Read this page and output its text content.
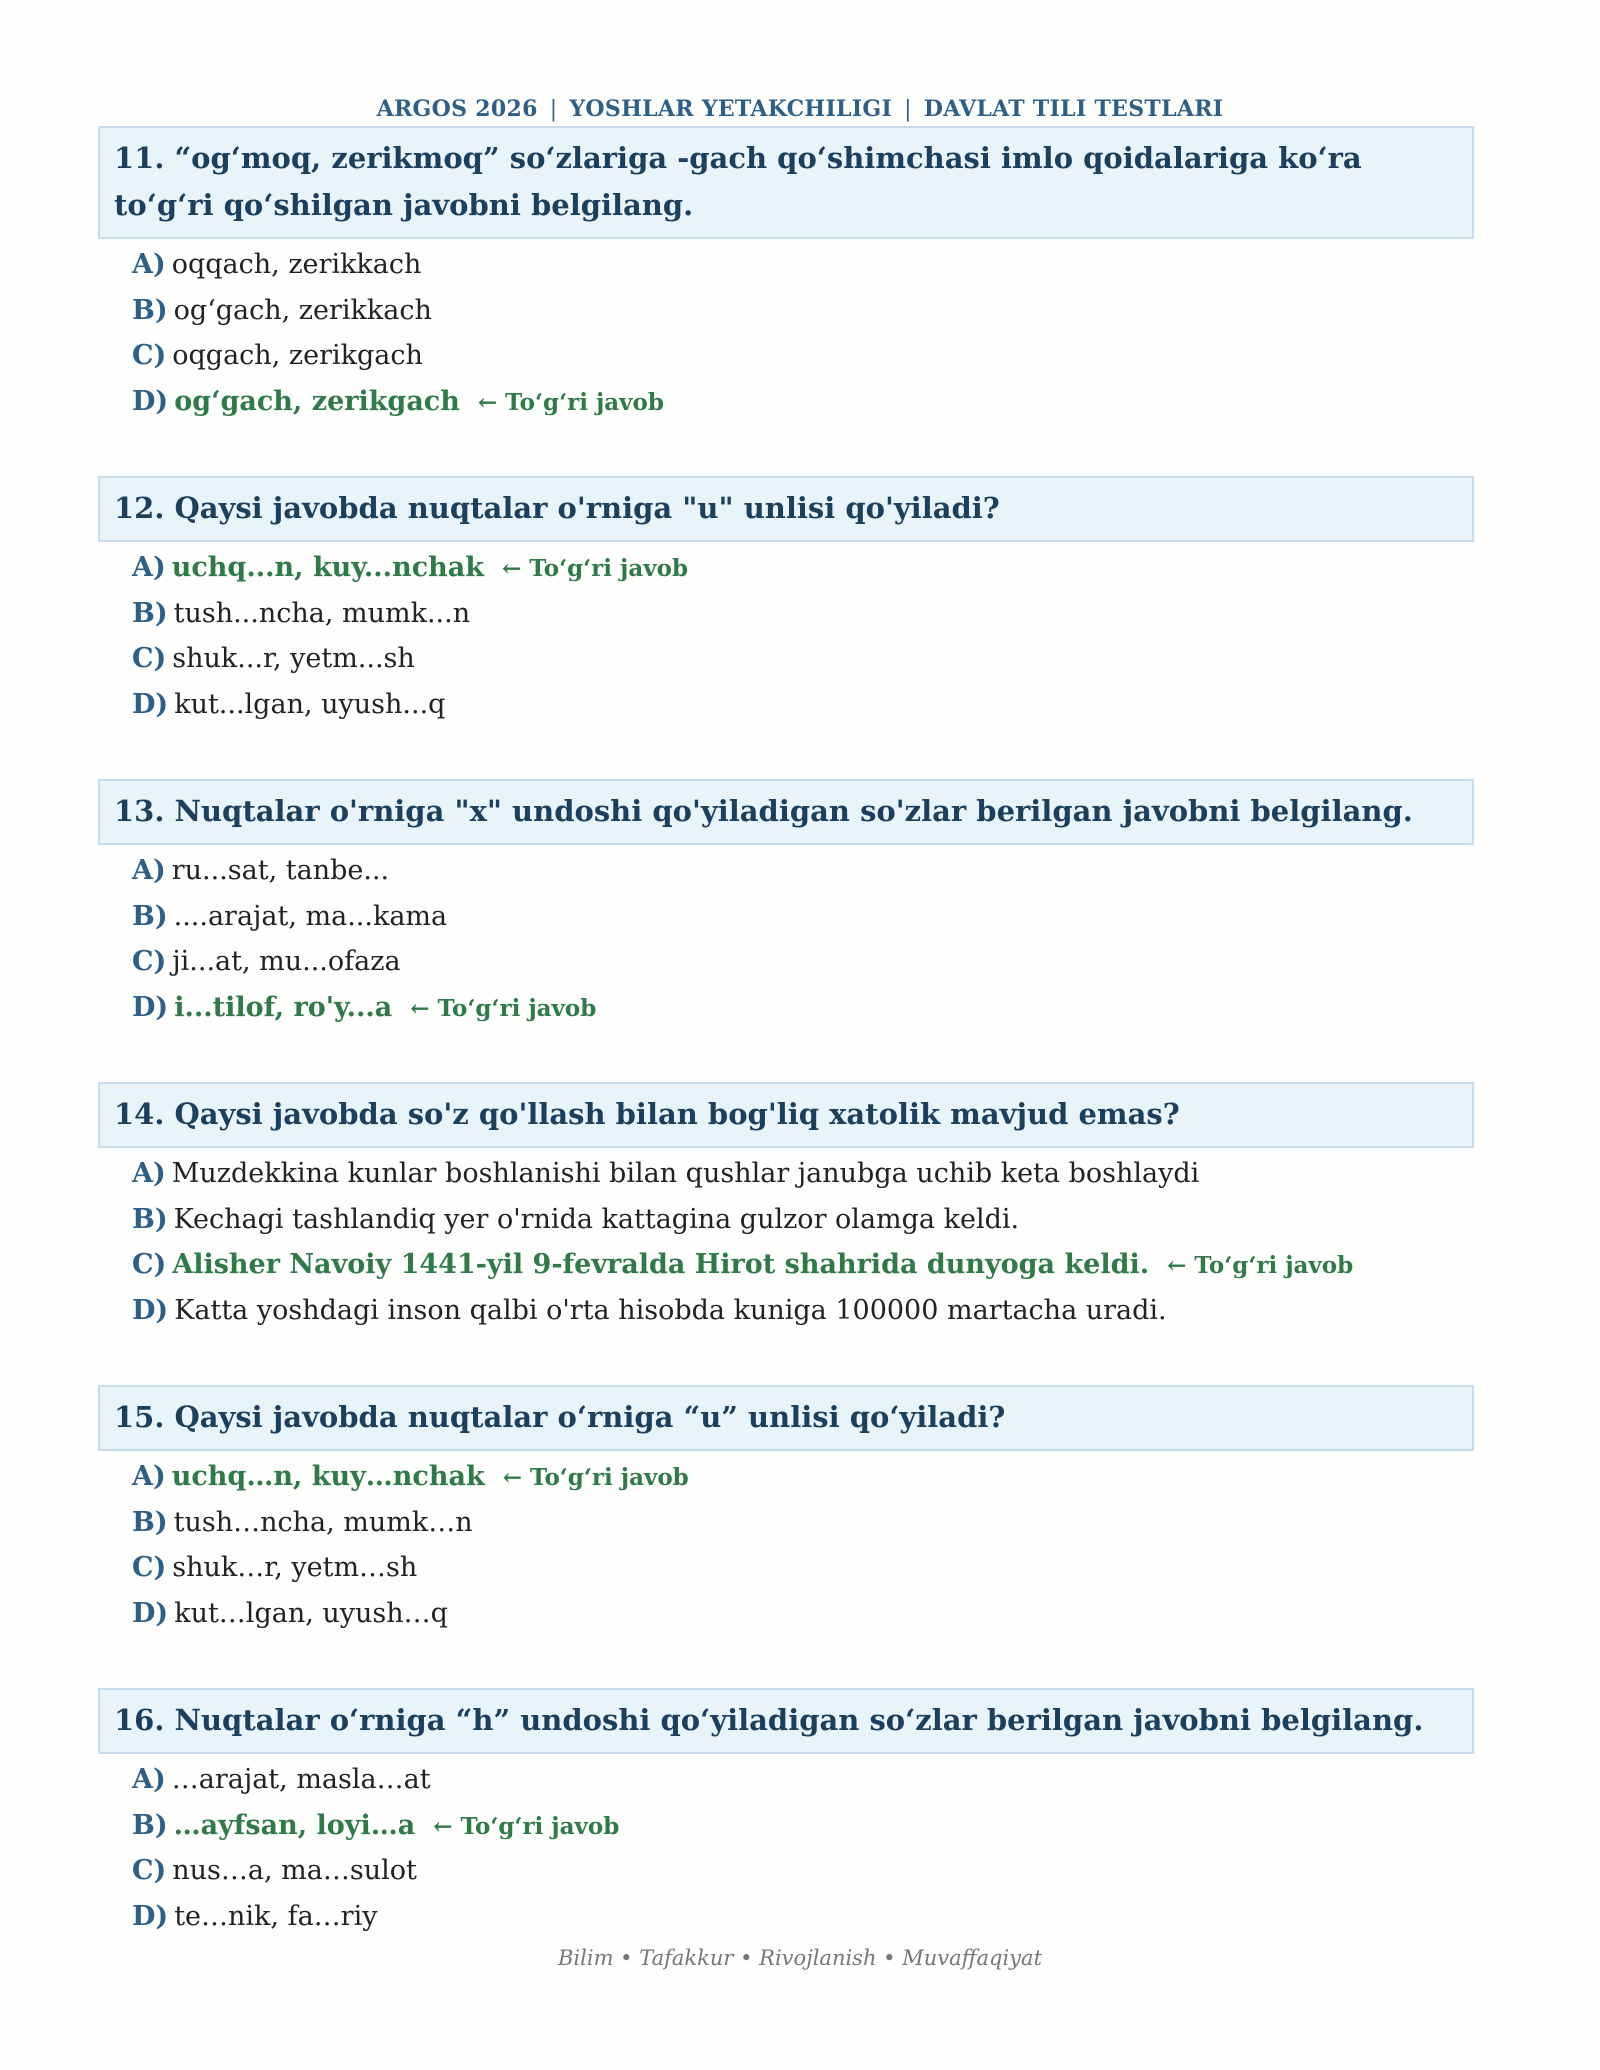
ARGOS 2026 | YOSHLAR YETAKCHILIGI | DAVLAT TILI TESTLARI
11. “og‘moq, zerikmoq” so‘zlariga -gach qo‘shimchasi imlo qoidalariga ko‘ra to‘g‘ri qo‘shilgan javobni belgilang.
A) oqqach, zerikkach
B) og‘gach, zerikkach
C) oqgach, zerikgach
D) og‘gach, zerikgach ← To‘g‘ri javob
12. Qaysi javobda nuqtalar o'rniga "u" unlisi qo'yiladi?
A) uchq...n, kuy...nchak ← To‘g‘ri javob
B) tush...ncha, mumk...n
C) shuk...r, yetm...sh
D) kut...lgan, uyush...q
13. Nuqtalar o'rniga "x" undoshi qo'yiladigan so'zlar berilgan javobni belgilang.
A) ru...sat, tanbe...
B) ....arajat, ma...kama
C) ji...at, mu...ofaza
D) i...tilof, ro'y...a ← To‘g‘ri javob
14. Qaysi javobda so'z qo'llash bilan bog'liq xatolik mavjud emas?
A) Muzdekkina kunlar boshlanishi bilan qushlar janubga uchib keta boshlaydi
B) Kechagi tashlandiq yer o'rnida kattagina gulzor olamga keldi.
C) Alisher Navoiy 1441-yil 9-fevralda Hirot shahrida dunyoga keldi. ← To‘g‘ri javob
D) Katta yoshdagi inson qalbi o'rta hisobda kuniga 100000 martacha uradi.
15. Qaysi javobda nuqtalar o‘rniga “u” unlisi qo‘yiladi?
A) uchq…n, kuy…nchak ← To‘g‘ri javob
B) tush…ncha, mumk…n
C) shuk…r, yetm…sh
D) kut…lgan, uyush…q
16. Nuqtalar o‘rniga “h” undoshi qo‘yiladigan so‘zlar berilgan javobni belgilang.
A) …arajat, masla…at
B) …ayfsan, loyi…a ← To‘g‘ri javob
C) nus…a, ma…sulot
D) te…nik, fa…riy
Bilim • Tafakkur • Rivojlanish • Muvaffaqiyat
